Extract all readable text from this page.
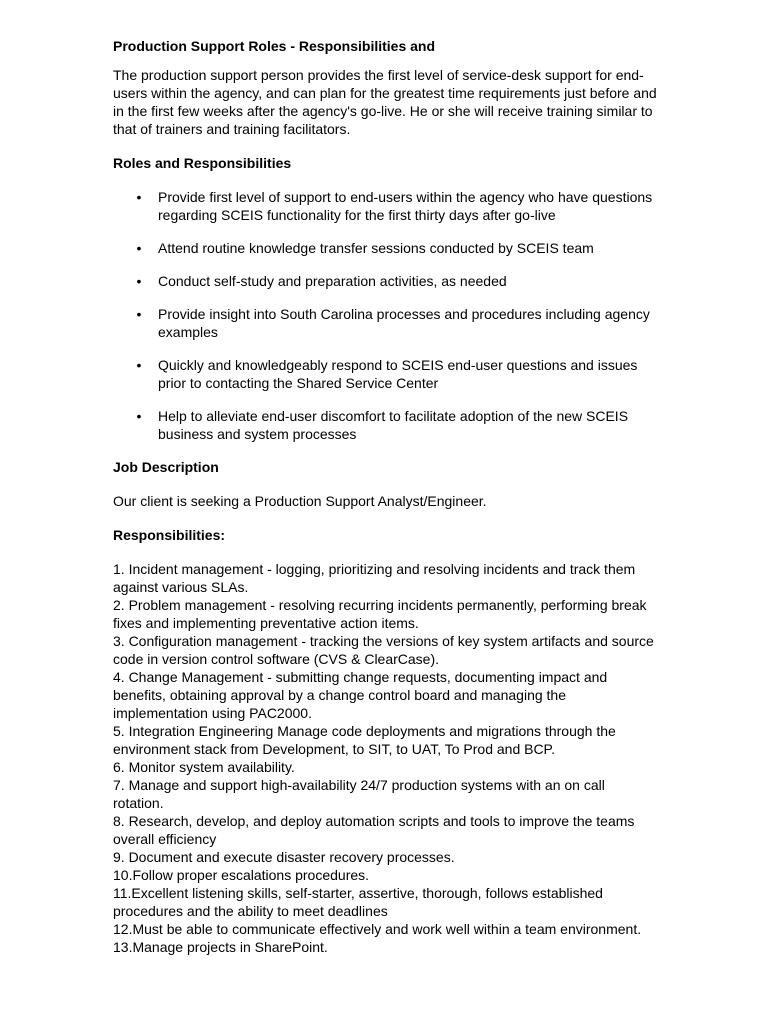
Production Support Roles - Responsibilities and
The production support person provides the first level of service-desk support for end-users within the agency, and can plan for the greatest time requirements just before and in the first few weeks after the agency's go-live. He or she will receive training similar to that of trainers and training facilitators.
Roles and Responsibilities
• Provide first level of support to end-users within the agency who have questions regarding SCEIS functionality for the first thirty days after go-live
• Attend routine knowledge transfer sessions conducted by SCEIS team
• Conduct self-study and preparation activities, as needed
• Provide insight into South Carolina processes and procedures including agency examples
• Quickly and knowledgeably respond to SCEIS end-user questions and issues prior to contacting the Shared Service Center
• Help to alleviate end-user discomfort to facilitate adoption of the new SCEIS business and system processes
Job Description
Our client is seeking a Production Support Analyst/Engineer.
Responsibilities:
1. Incident management - logging, prioritizing and resolving incidents and track them against various SLAs.
2. Problem management - resolving recurring incidents permanently, performing break fixes and implementing preventative action items.
3. Configuration management - tracking the versions of key system artifacts and source code in version control software (CVS & ClearCase).
4. Change Management - submitting change requests, documenting impact and benefits, obtaining approval by a change control board and managing the implementation using PAC2000.
5. Integration Engineering Manage code deployments and migrations through the environment stack from Development, to SIT, to UAT, To Prod and BCP.
6. Monitor system availability.
7. Manage and support high-availability 24/7 production systems with an on call rotation.
8. Research, develop, and deploy automation scripts and tools to improve the teams overall efficiency
9. Document and execute disaster recovery processes.
10.Follow proper escalations procedures.
11.Excellent listening skills, self-starter, assertive, thorough, follows established procedures and the ability to meet deadlines
12.Must be able to communicate effectively and work well within a team environment.
13.Manage projects in SharePoint.
